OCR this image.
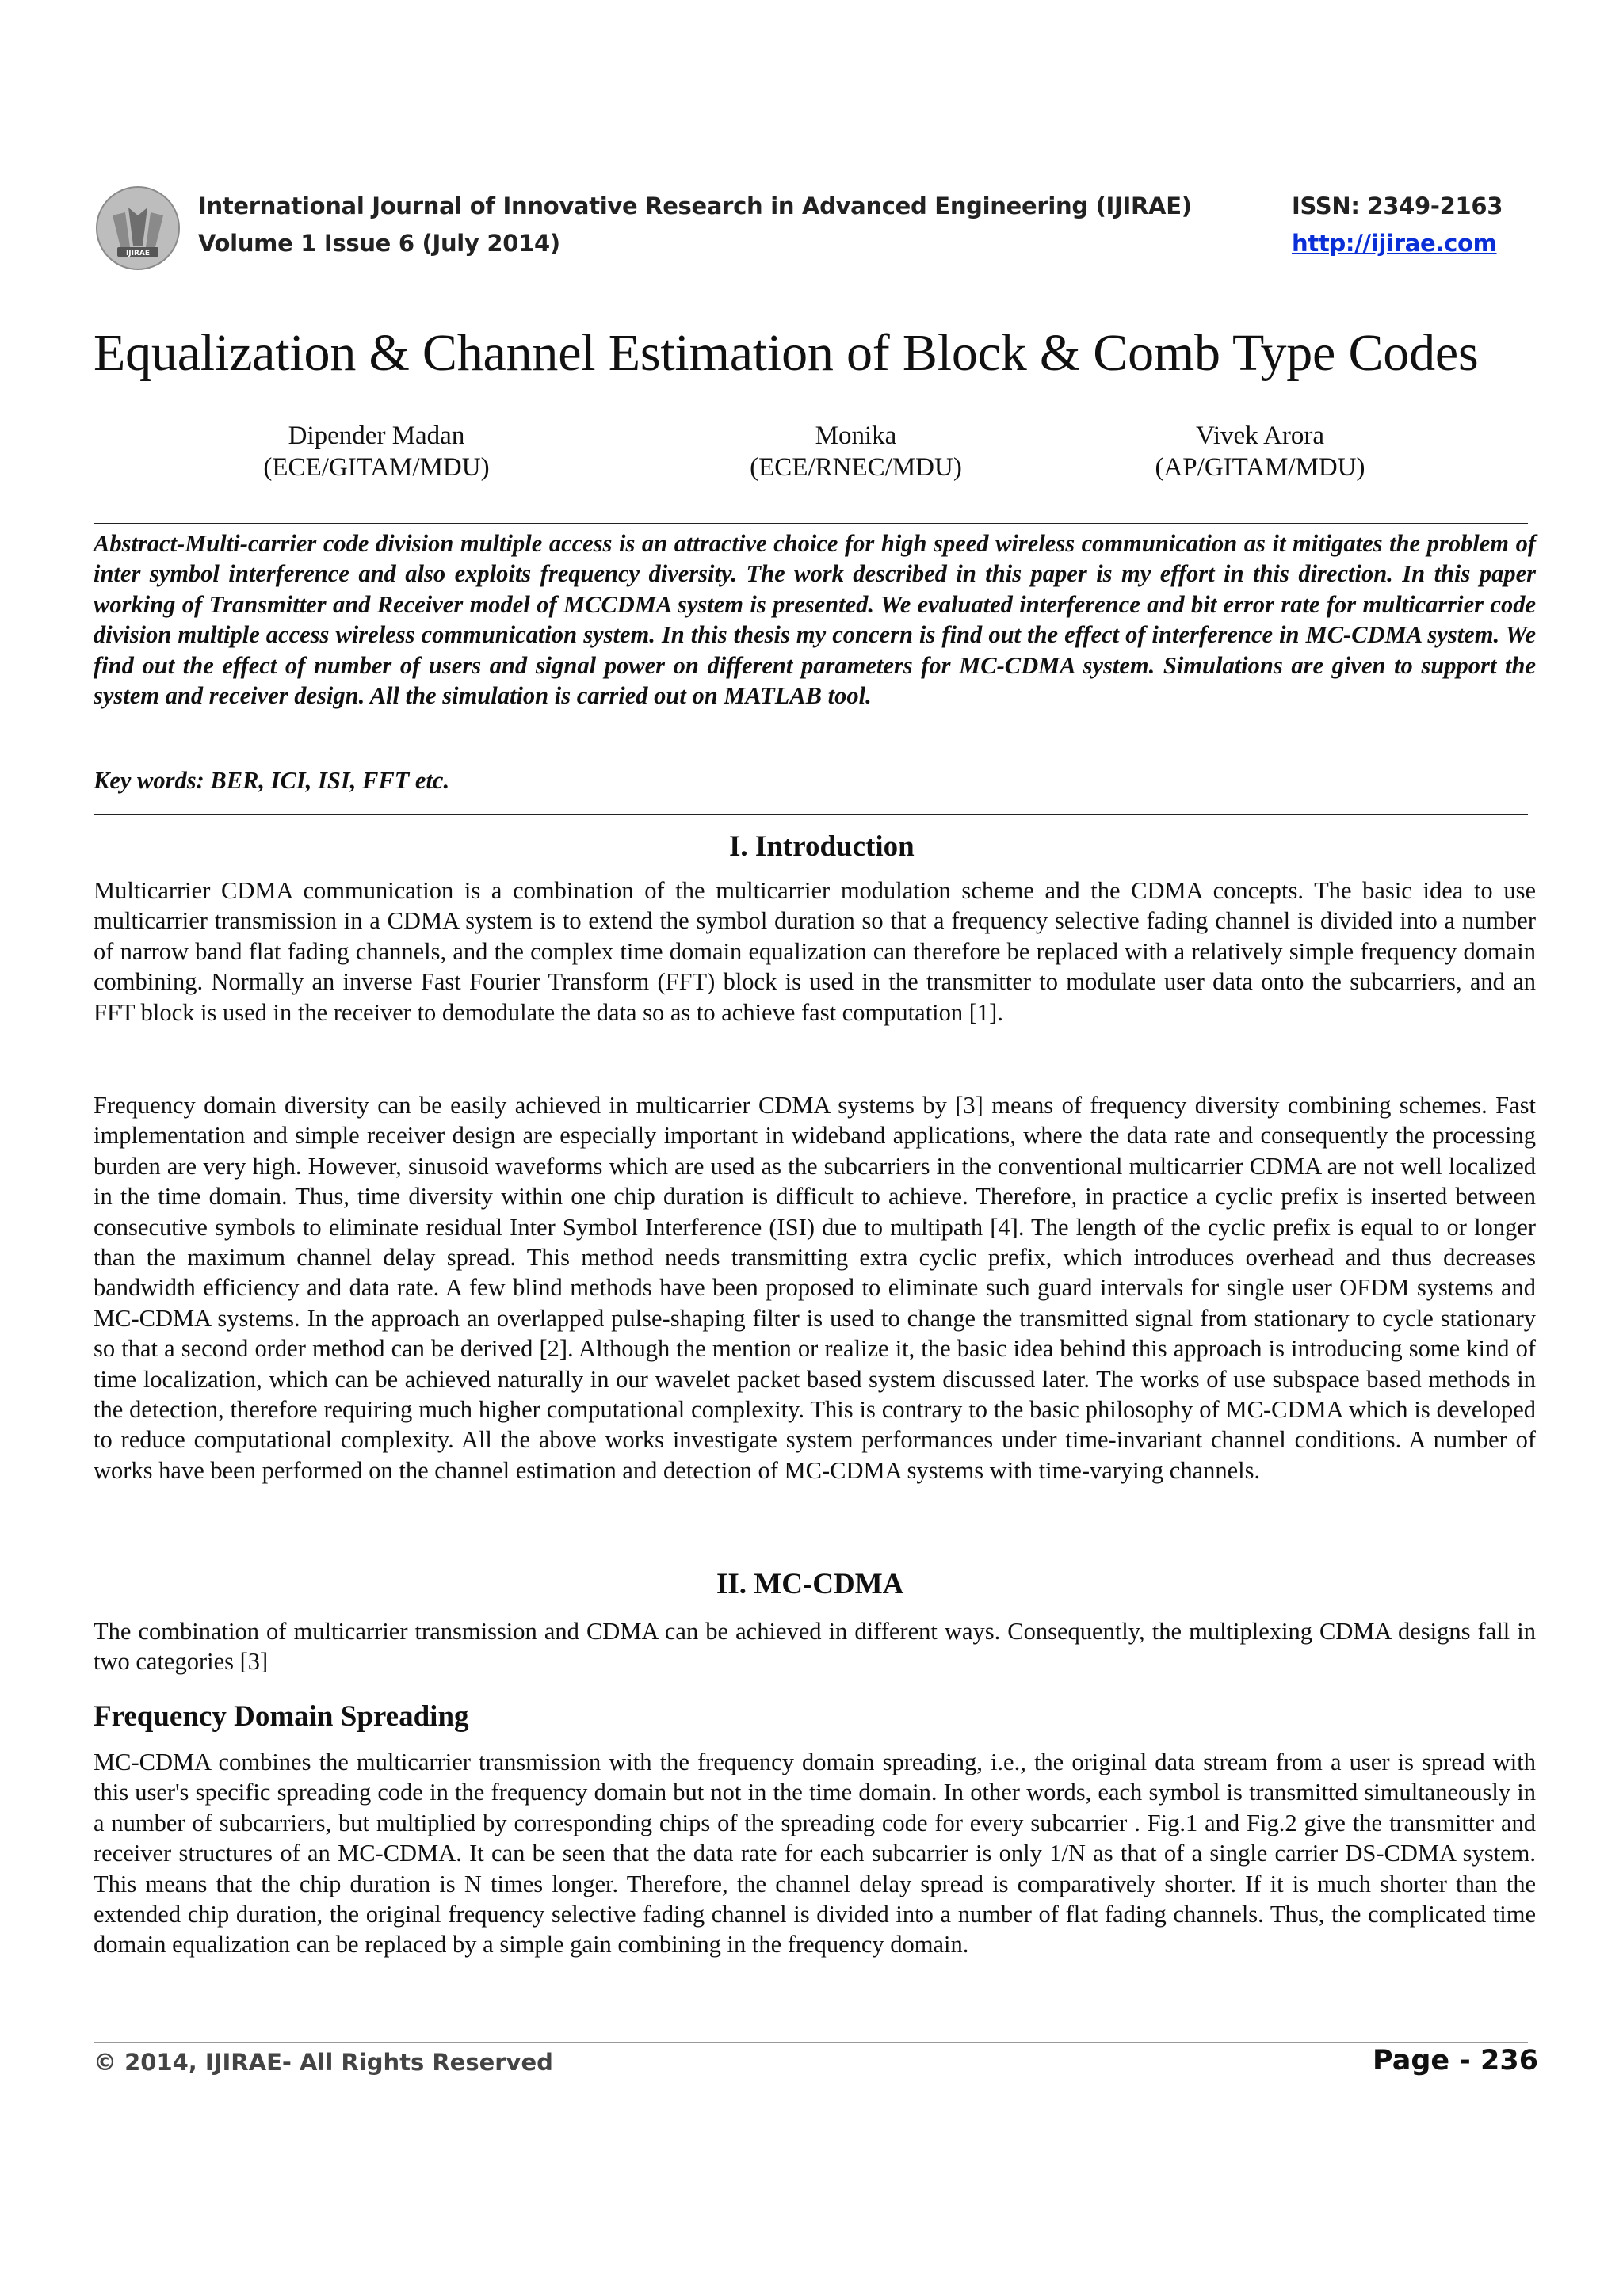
IJIRAE
International Journal of Innovative Research in Advanced Engineering (IJIRAE)
Volume 1 Issue 6 (July 2014)
ISSN: 2349-2163
http://ijirae.com
Equalization & Channel Estimation of Block & Comb Type Codes
Dipender Madan
(ECE/GITAM/MDU)
Monika
(ECE/RNEC/MDU)
Vivek Arora
(AP/GITAM/MDU)
Abstract-Multi-carrier code division multiple access is an attractive choice for high speed wireless communication as it mitigates the problem of inter symbol interference and also exploits frequency diversity. The work described in this paper is my effort in this direction. In this paper working of Transmitter and Receiver model of MCCDMA system is presented. We evaluated interference and bit error rate for multicarrier code division multiple access wireless communication system. In this thesis my concern is find out the effect of interference in MC-CDMA system. We find out the effect of number of users and signal power on different parameters for MC-CDMA system. Simulations are given to support the system and receiver design. All the simulation is carried out on MATLAB tool.
Key words: BER, ICI, ISI, FFT etc.
I. Introduction
Multicarrier CDMA communication is a combination of the multicarrier modulation scheme and the CDMA concepts. The basic idea to use multicarrier transmission in a CDMA system is to extend the symbol duration so that a frequency selective fading channel is divided into a number of narrow band flat fading channels, and the complex time domain equalization can therefore be replaced with a relatively simple frequency domain combining. Normally an inverse Fast Fourier Transform (FFT) block is used in the transmitter to modulate user data onto the subcarriers, and an FFT block is used in the receiver to demodulate the data so as to achieve fast computation [1].
Frequency domain diversity can be easily achieved in multicarrier CDMA systems by [3] means of frequency diversity combining schemes. Fast implementation and simple receiver design are especially important in wideband applications, where the data rate and consequently the processing burden are very high. However, sinusoid waveforms which are used as the subcarriers in the conventional multicarrier CDMA are not well localized in the time domain. Thus, time diversity within one chip duration is difficult to achieve. Therefore, in practice a cyclic prefix is inserted between consecutive symbols to eliminate residual Inter Symbol Interference (ISI) due to multipath [4]. The length of the cyclic prefix is equal to or longer than the maximum channel delay spread. This method needs transmitting extra cyclic prefix, which introduces overhead and thus decreases bandwidth efficiency and data rate. A few blind methods have been proposed to eliminate such guard intervals for single user OFDM systems and MC-CDMA systems. In the approach an overlapped pulse-shaping filter is used to change the transmitted signal from stationary to cycle stationary so that a second order method can be derived [2]. Although the mention or realize it, the basic idea behind this approach is introducing some kind of time localization, which can be achieved naturally in our wavelet packet based system discussed later. The works of use subspace based methods in the detection, therefore requiring much higher computational complexity. This is contrary to the basic philosophy of MC-CDMA which is developed to reduce computational complexity. All the above works investigate system performances under time-invariant channel conditions. A number of works have been performed on the channel estimation and detection of MC-CDMA systems with time-varying channels.
II. MC-CDMA
The combination of multicarrier transmission and CDMA can be achieved in different ways. Consequently, the multiplexing CDMA designs fall in two categories [3]
Frequency Domain Spreading
MC-CDMA combines the multicarrier transmission with the frequency domain spreading, i.e., the original data stream from a user is spread with this user's specific spreading code in the frequency domain but not in the time domain. In other words, each symbol is transmitted simultaneously in a number of subcarriers, but multiplied by corresponding chips of the spreading code for every subcarrier . Fig.1 and Fig.2 give the transmitter and receiver structures of an MC-CDMA. It can be seen that the data rate for each subcarrier is only 1/N as that of a single carrier DS-CDMA system. This means that the chip duration is N times longer. Therefore, the channel delay spread is comparatively shorter. If it is much shorter than the extended chip duration, the original frequency selective fading channel is divided into a number of flat fading channels. Thus, the complicated time domain equalization can be replaced by a simple gain combining in the frequency domain.
© 2014, IJIRAE- All Rights Reserved	Page - 236
